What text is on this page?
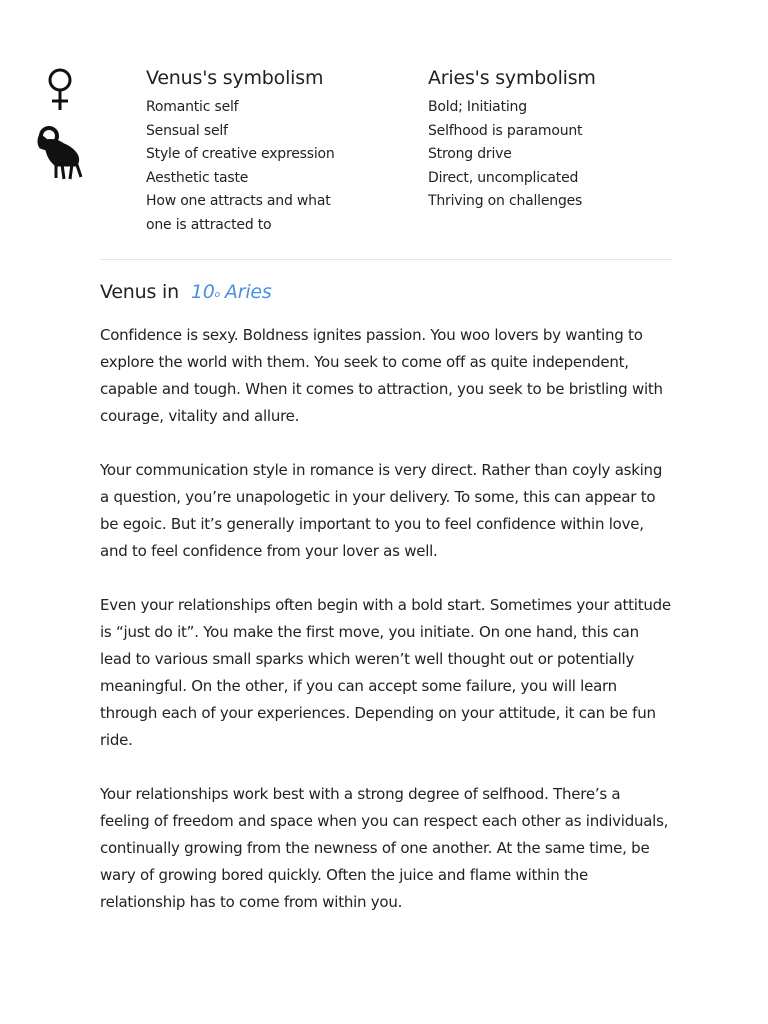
Venus's symbolism
Romantic self
Sensual self
Style of creative expression
Aesthetic taste
How one attracts and what one is attracted to
Aries's symbolism
Bold; Initiating
Selfhood is paramount
Strong drive
Direct, uncomplicated
Thriving on challenges
Venus in 10o Aries

Confidence is sexy. Boldness ignites passion. You woo lovers by wanting to explore the world with them. You seek to come off as quite independent, capable and tough. When it comes to attraction, you seek to be bristling with courage, vitality and allure.

Your communication style in romance is very direct. Rather than coyly asking a question, you’re unapologetic in your delivery. To some, this can appear to be egoic. But it’s generally important to you to feel confidence within love, and to feel confidence from your lover as well.

Even your relationships often begin with a bold start. Sometimes your attitude is “just do it”. You make the first move, you initiate. On one hand, this can lead to various small sparks which weren’t well thought out or potentially meaningful. On the other, if you can accept some failure, you will learn through each of your experiences. Depending on your attitude, it can be fun ride.

Your relationships work best with a strong degree of selfhood. There’s a feeling of freedom and space when you can respect each other as individuals, continually growing from the newness of one another. At the same time, be wary of growing bored quickly. Often the juice and flame within the relationship has to come from within you.
